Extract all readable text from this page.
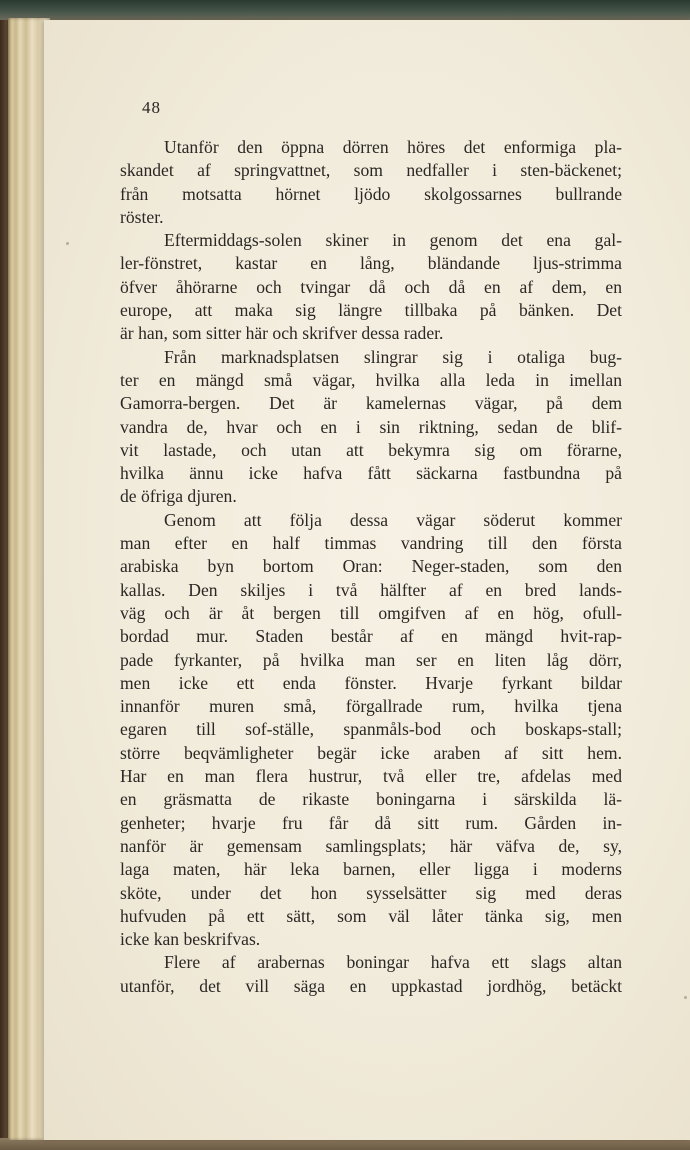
48
Utanför den öppna dörren höres det enformiga pla-
skandet af springvattnet, som nedfaller i sten-bäckenet;
från motsatta hörnet ljödo skolgossarnes bullrande
röster.
Eftermiddags-solen skiner in genom det ena gal-
ler-fönstret, kastar en lång, bländande ljus-strimma
öfver åhörarne och tvingar då och då en af dem, en
europe, att maka sig längre tillbaka på bänken. Det
är han, som sitter här och skrifver dessa rader.
Från marknadsplatsen slingrar sig i otaliga bug-
ter en mängd små vägar, hvilka alla leda in imellan
Gamorra-bergen. Det är kamelernas vägar, på dem
vandra de, hvar och en i sin riktning, sedan de blif-
vit lastade, och utan att bekymra sig om förarne,
hvilka ännu icke hafva fått säckarna fastbundna på
de öfriga djuren.
Genom att följa dessa vägar söderut kommer
man efter en half timmas vandring till den första
arabiska byn bortom Oran: Neger-staden, som den
kallas. Den skiljes i två hälfter af en bred lands-
väg och är åt bergen till omgifven af en hög, ofull-
bordad mur. Staden består af en mängd hvit-rap-
pade fyrkanter, på hvilka man ser en liten låg dörr,
men icke ett enda fönster. Hvarje fyrkant bildar
innanför muren små, förgallrade rum, hvilka tjena
egaren till sof-ställe, spanmåls-bod och boskaps-stall;
större beqvämligheter begär icke araben af sitt hem.
Har en man flera hustrur, två eller tre, afdelas med
en gräsmatta de rikaste boningarna i särskilda lä-
genheter; hvarje fru får då sitt rum. Gården in-
nanför är gemensam samlingsplats; här väfva de, sy,
laga maten, här leka barnen, eller ligga i moderns
sköte, under det hon sysselsätter sig med deras
hufvuden på ett sätt, som väl låter tänka sig, men
icke kan beskrifvas.
Flere af arabernas boningar hafva ett slags altan
utanför, det vill säga en uppkastad jordhög, betäckt
